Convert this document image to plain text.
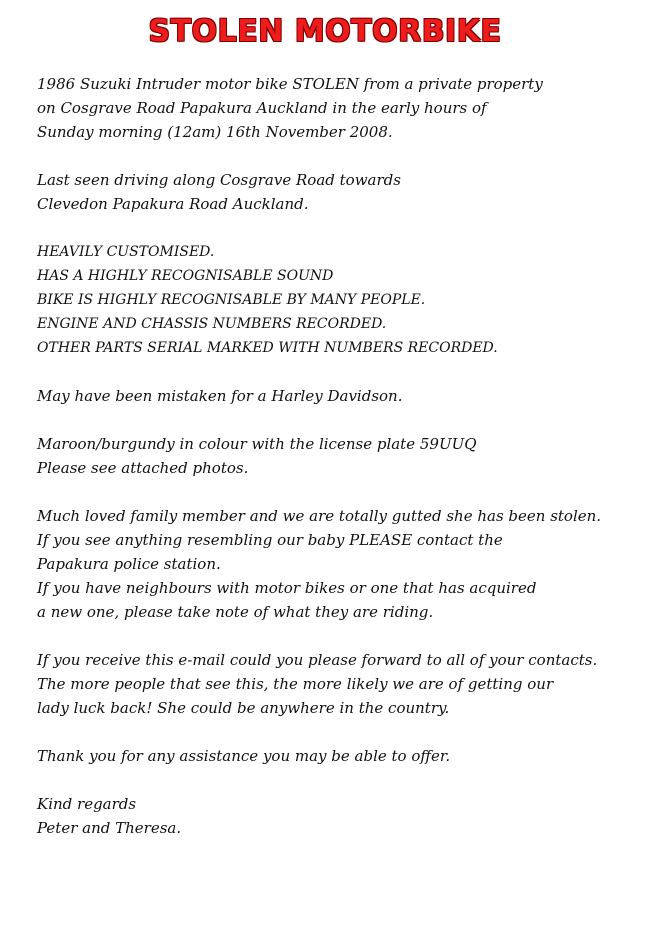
STOLEN MOTORBIKE

1986 Suzuki Intruder motor bike STOLEN from a private property
on Cosgrave Road Papakura Auckland in the early hours of
Sunday morning (12am) 16th November 2008.

Last seen driving along Cosgrave Road towards
Clevedon Papakura Road Auckland.

HEAVILY CUSTOMISED.
HAS A HIGHLY RECOGNISABLE SOUND
BIKE IS HIGHLY RECOGNISABLE BY MANY PEOPLE.
ENGINE AND CHASSIS NUMBERS RECORDED.
OTHER PARTS SERIAL MARKED WITH NUMBERS RECORDED.

May have been mistaken for a Harley Davidson.

Maroon/burgundy in colour with the license plate 59UUQ
Please see attached photos.

Much loved family member and we are totally gutted she has been stolen.
If you see anything resembling our baby PLEASE contact the
Papakura police station.
If you have neighbours with motor bikes or one that has acquired
a new one, please take note of what they are riding.

If you receive this e-mail could you please forward to all of your contacts.
The more people that see this, the more likely we are of getting our
lady luck back! She could be anywhere in the country.

Thank you for any assistance you may be able to offer.

Kind regards
Peter and Theresa.
